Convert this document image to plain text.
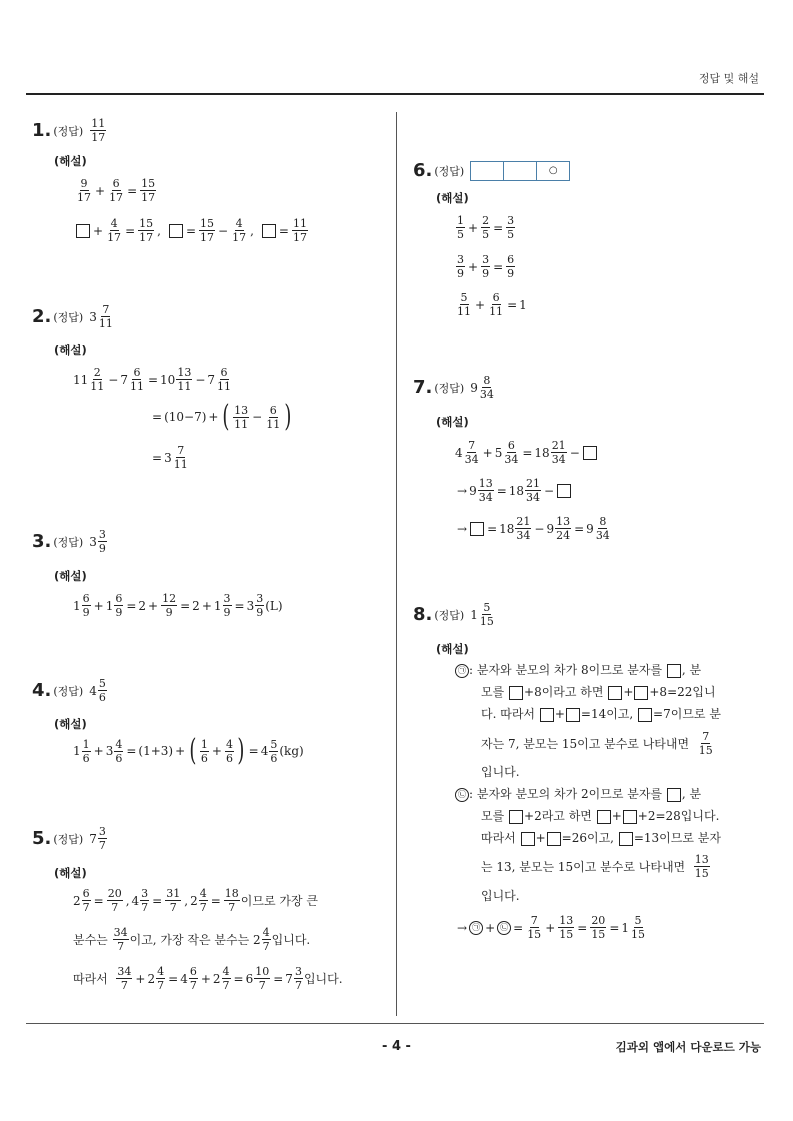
정답 및 해설
- 4 -	김과외 앱에서 다운로드 가능
1. (정답)
11
17
(해설)
9
$17 + \frac{6}{17} = \frac{15}{17}$
+ $\frac{4}{17} = \frac{15}{17}$ , = $\frac{15}{17} - \frac{4}{17}$ , = $\frac{11}{17}$
2. (정답) 3 7
11
(해설)
11 2
$11 - 7 \frac{6}{11} = 10 \frac{13}{11} - 7 \frac{6}{11}$
= (10−7) + ( 13
$11 - \frac{6}{11}$ )
= $3 \frac{7}{11}$
3. (정답) 3 3
9
(해설)
1 6
$9 + 1 \frac{6}{9} = 2 + \frac{12}{9} = 2 + 1 \frac{3}{9} = 3 \frac{3}{9} (L)$
4. (정답) 4 5
6
(해설)
1 1
$6 + 3 \frac{4}{6} = (1+3)$ + ( 1
$6 + \frac{4}{6}$ ) = $4 \frac{5}{6} (kg)$
5. (정답) 7 3
7
(해설)
$2 \frac{6}{7} = \frac{20}{7}$ , $4 \frac{3}{7} = \frac{31}{7}$ , $2 \frac{4}{7} = \frac{18}{7}$ 이므로 가장 큰
분수는

34
7 이고, 가장 작은 분수는 2 4
7 입니다.
따라서

34
$7 + 2 \frac{4}{7} = 4 \frac{6}{7} + 2 \frac{4}{7} = 6 \frac{10}{7} = 7 \frac{3}{7}$ 입니다.
6. (정답)	○
(해설)
1
$5 + \frac{2}{5} = \frac{3}{5}$
3
$9 + \frac{3}{9} = \frac{6}{9}$
5
$11 + \frac{6}{11} = 1$
7. (정답) 9 8
34
(해설)
4 7
$34 + 5 \frac{6}{34} = 18 \frac{21}{34}$ −
→ $9 \frac{13}{34} = 18 \frac{21}{34}$ −
→ = $18 \frac{21}{34} - 9 \frac{13}{24} = 9 \frac{8}{34}$
8. (정답) 1 5
15
(해설)
㉠ : 분자와 분모의 차가 8이므로 분자를 , 분
모를 +8이라고 하면 + +8=22입니
다. 따라서 + =14이고, =7이므로 분
자는 7, 분모는 15이고 분수로 나타내면

7
15
입니다.
㉡ : 분자와 분모의 차가 2이므로 분자를 , 분
모를 +2라고 하면 + +2=28입니다.
따라서 + =26이고, =13이므로 분자
는 13, 분모는 15이고 분수로 나타내면

13
15
입니다.
→ ㉠ + ㉡ = $\frac{7}{15} + \frac{13}{15} = \frac{20}{15} = 1 \frac{5}{15}$
